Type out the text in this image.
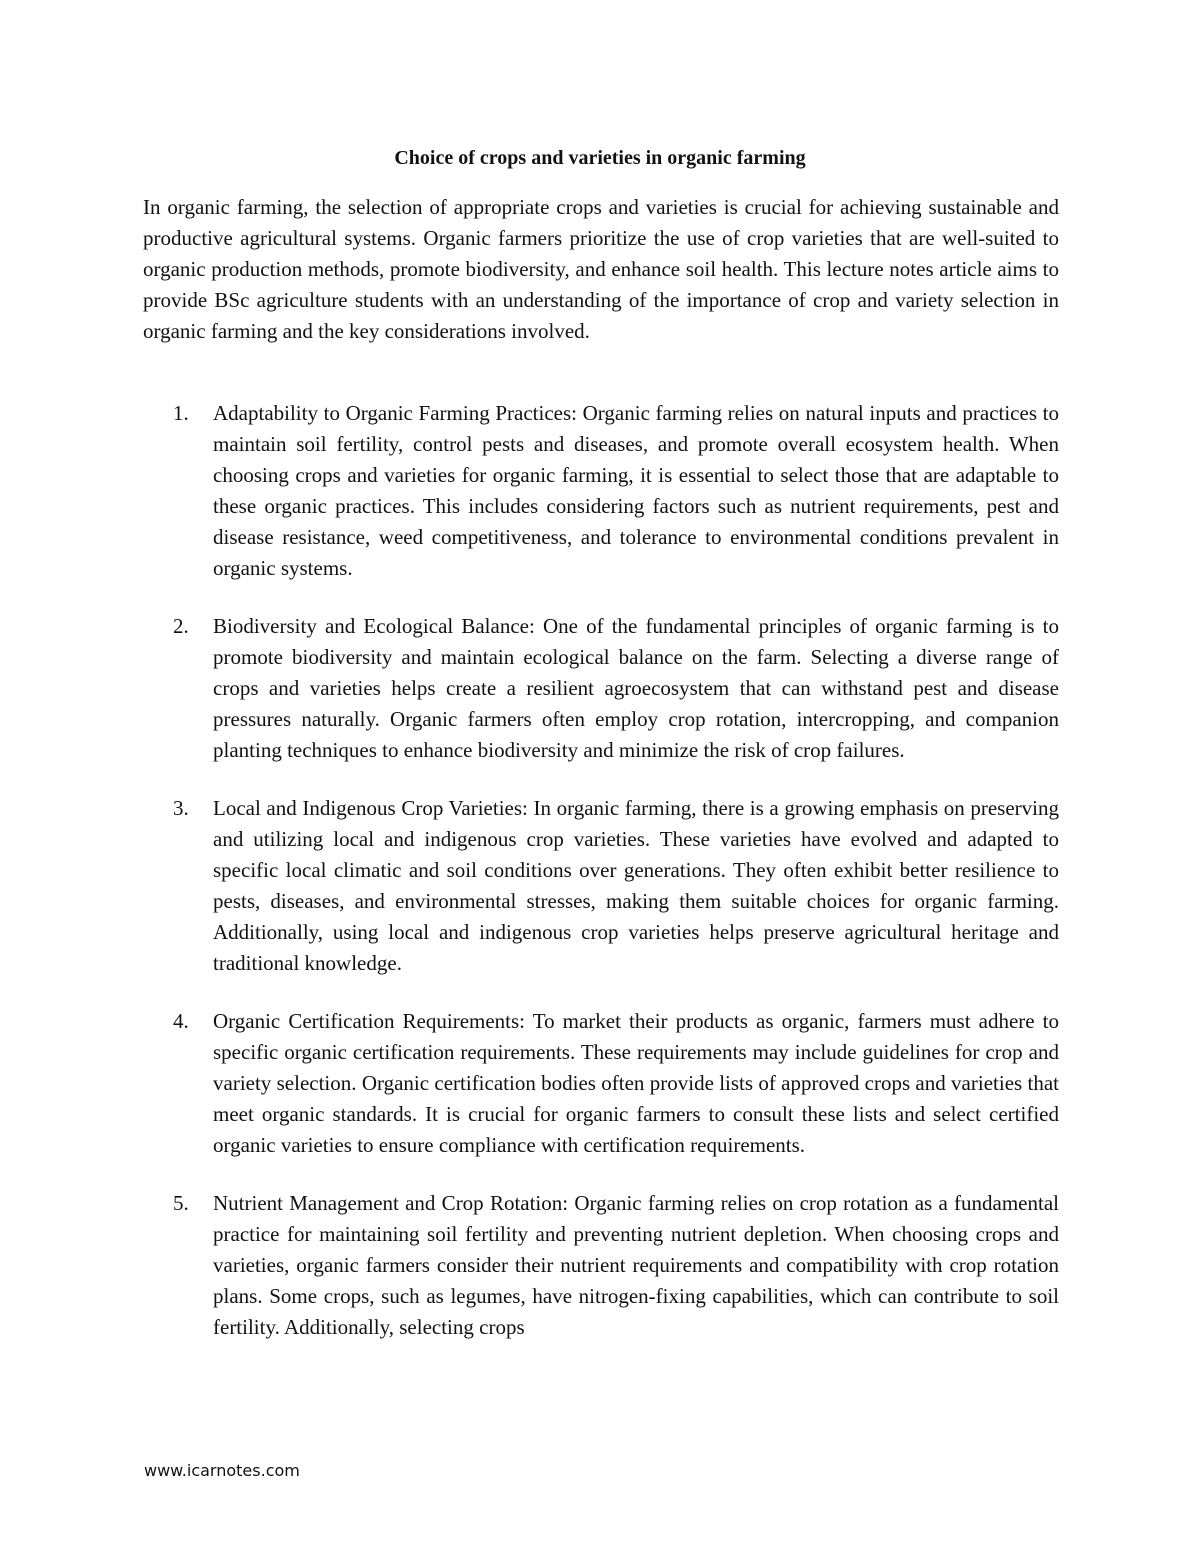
Choice of crops and varieties in organic farming

In organic farming, the selection of appropriate crops and varieties is crucial for achieving sustainable and productive agricultural systems. Organic farmers prioritize the use of crop varieties that are well-suited to organic production methods, promote biodiversity, and enhance soil health. This lecture notes article aims to provide BSc agriculture students with an understanding of the importance of crop and variety selection in organic farming and the key considerations involved.

1.	Adaptability to Organic Farming Practices: Organic farming relies on natural inputs and practices to maintain soil fertility, control pests and diseases, and promote overall ecosystem health. When choosing crops and varieties for organic farming, it is essential to select those that are adaptable to these organic practices. This includes considering factors such as nutrient requirements, pest and disease resistance, weed competitiveness, and tolerance to environmental conditions prevalent in organic systems.
2.	Biodiversity and Ecological Balance: One of the fundamental principles of organic farming is to promote biodiversity and maintain ecological balance on the farm. Selecting a diverse range of crops and varieties helps create a resilient agroecosystem that can withstand pest and disease pressures naturally. Organic farmers often employ crop rotation, intercropping, and companion planting techniques to enhance biodiversity and minimize the risk of crop failures.
3.	Local and Indigenous Crop Varieties: In organic farming, there is a growing emphasis on preserving and utilizing local and indigenous crop varieties. These varieties have evolved and adapted to specific local climatic and soil conditions over generations. They often exhibit better resilience to pests, diseases, and environmental stresses, making them suitable choices for organic farming. Additionally, using local and indigenous crop varieties helps preserve agricultural heritage and traditional knowledge.
4.	Organic Certification Requirements: To market their products as organic, farmers must adhere to specific organic certification requirements. These requirements may include guidelines for crop and variety selection. Organic certification bodies often provide lists of approved crops and varieties that meet organic standards. It is crucial for organic farmers to consult these lists and select certified organic varieties to ensure compliance with certification requirements.
5.	Nutrient Management and Crop Rotation: Organic farming relies on crop rotation as a fundamental practice for maintaining soil fertility and preventing nutrient depletion. When choosing crops and varieties, organic farmers consider their nutrient requirements and compatibility with crop rotation plans. Some crops, such as legumes, have nitrogen-fixing capabilities, which can contribute to soil fertility. Additionally, selecting crops

www.icarnotes.com
